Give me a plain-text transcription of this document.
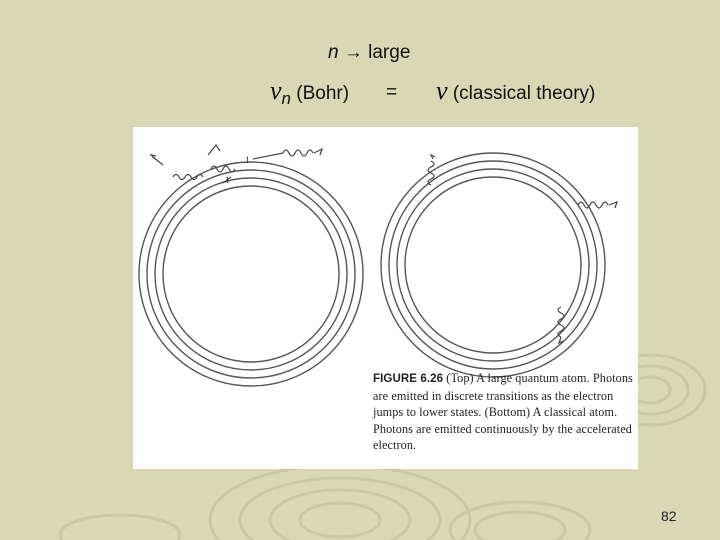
n → large
νn (Bohr) = ν (classical theory)
1
1
FIGURE 6.26 (Top) A large quantum atom. Photons are emitted in discrete transitions as the electron jumps to lower states. (Bottom) A classical atom. Photons are emitted continuously by the accelerated electron.
82
